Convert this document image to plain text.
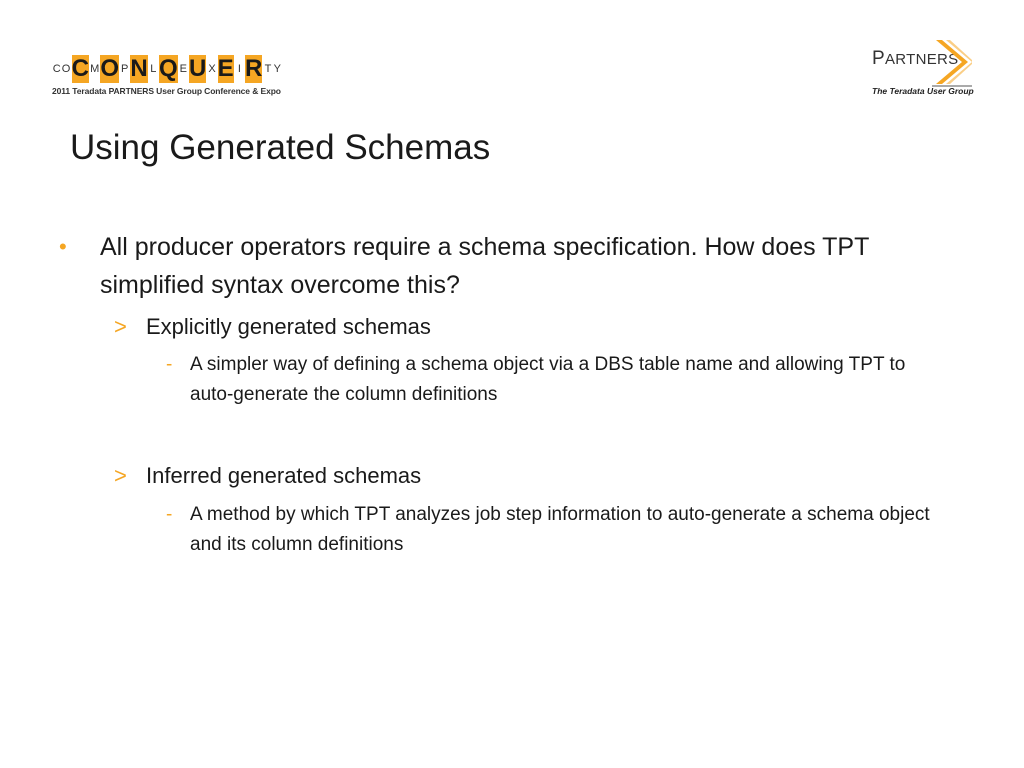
C O C M O P N L Q E U X E I R T Y
2011 Teradata PARTNERS User Group Conference & Expo
PARTNERS
The Teradata User Group
Using Generated Schemas
• All producer operators require a schema specification. How does TPT simplified syntax overcome this?
> Explicitly generated schemas
- A simpler way of defining a schema object via a DBS table name and allowing TPT to auto-generate the column definitions
> Inferred generated schemas
- A method by which TPT analyzes job step information to auto-generate a schema object and its column definitions
